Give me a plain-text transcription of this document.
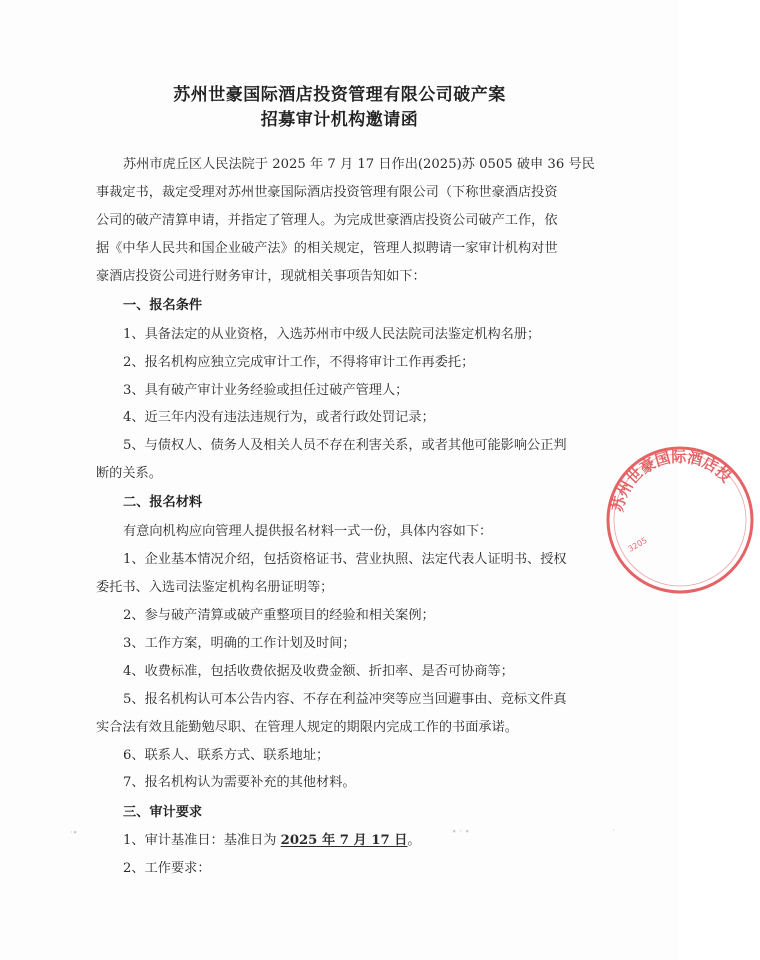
苏州世豪国际酒店投资管理有限公司破产案
招募审计机构邀请函
苏州市虎丘区人民法院于 2025 年 7 月 17 日作出(2025)苏 0505 破申 36 号民
事裁定书，裁定受理对苏州世豪国际酒店投资管理有限公司（下称世豪酒店投资
公司的破产清算申请，并指定了管理人。为完成世豪酒店投资公司破产工作，依
据《中华人民共和国企业破产法》的相关规定，管理人拟聘请一家审计机构对世
豪酒店投资公司进行财务审计，现就相关事项告知如下：
一、报名条件
1、具备法定的从业资格，入选苏州市中级人民法院司法鉴定机构名册；
2、报名机构应独立完成审计工作，不得将审计工作再委托；
3、具有破产审计业务经验或担任过破产管理人；
4、近三年内没有违法违规行为，或者行政处罚记录；
5、与债权人、债务人及相关人员不存在利害关系，或者其他可能影响公正判
断的关系。
二、报名材料
有意向机构应向管理人提供报名材料一式一份，具体内容如下：
1、企业基本情况介绍，包括资格证书、营业执照、法定代表人证明书、授权
委托书、入选司法鉴定机构名册证明等；
2、参与破产清算或破产重整项目的经验和相关案例；
3、工作方案，明确的工作计划及时间；
4、收费标准，包括收费依据及收费金额、折扣率、是否可协商等；
5、报名机构认可本公告内容、不存在利益冲突等应当回避事由、竞标文件真
实合法有效且能勤勉尽职、在管理人规定的期限内完成工作的书面承诺。
6、联系人、联系方式、联系地址；
7、报名机构认为需要补充的其他材料。
三、审计要求
1、审计基准日：基准日为 2025 年 7 月 17 日。
2、工作要求：
·∙	∙ · ∙	·
苏州世豪国际酒店投
3205
